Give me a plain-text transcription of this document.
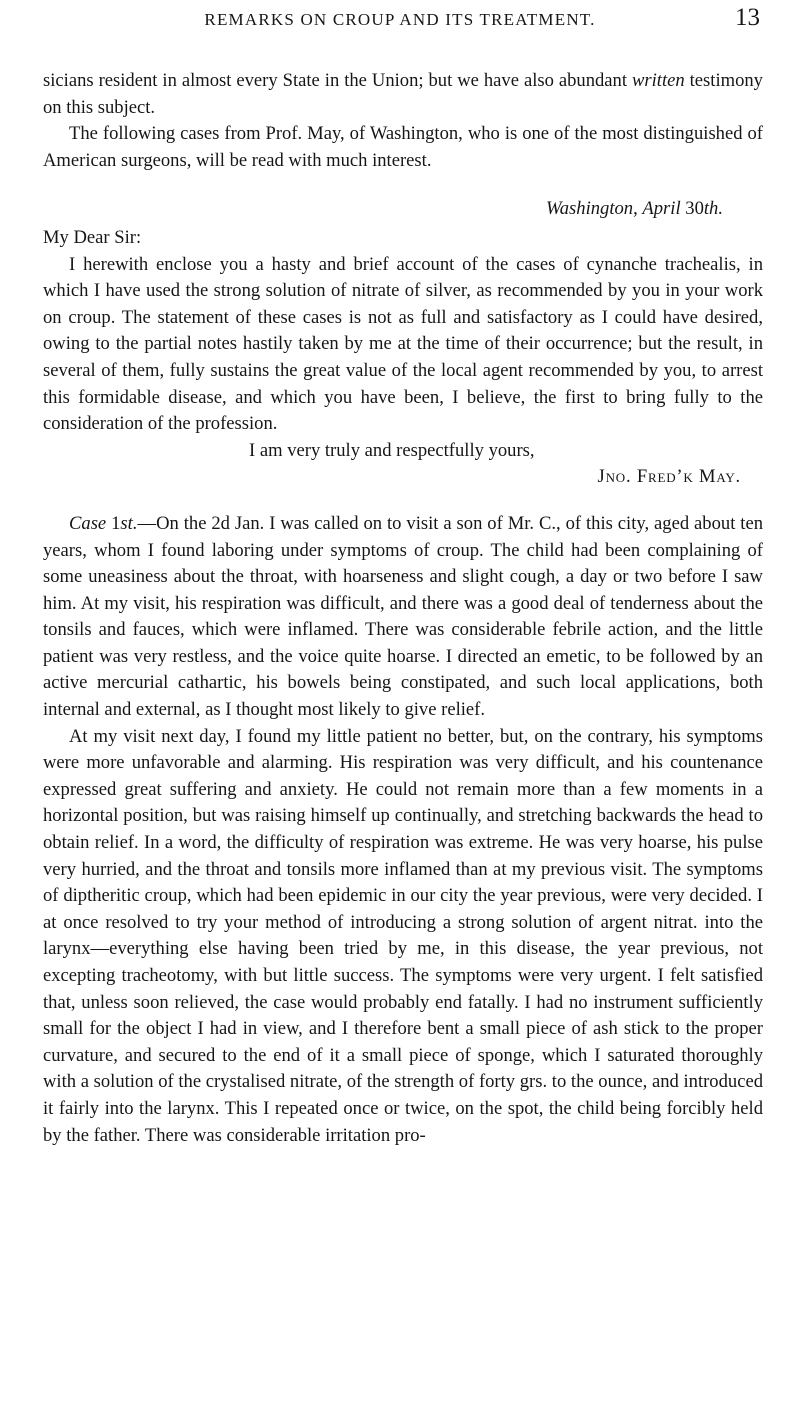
REMARKS ON CROUP AND ITS TREATMENT.	13

sicians resident in almost every State in the Union; but we have also abundant written testimony on this subject.

The following cases from Prof. May, of Washington, who is one of the most distinguished of American surgeons, will be read with much interest.

Washington, April 30th.

My Dear Sir:

I herewith enclose you a hasty and brief account of the cases of cynanche trachealis, in which I have used the strong solution of nitrate of silver, as recommended by you in your work on croup. The statement of these cases is not as full and satisfactory as I could have desired, owing to the partial notes hastily taken by me at the time of their occurrence; but the result, in several of them, fully sustains the great value of the local agent recommended by you, to arrest this formidable disease, and which you have been, I believe, the first to bring fully to the consideration of the profession.

I am very truly and respectfully yours,

Jno. Fred’k May.

Case 1st.—On the 2d Jan. I was called on to visit a son of Mr. C., of this city, aged about ten years, whom I found laboring under symptoms of croup. The child had been complaining of some uneasiness about the throat, with hoarseness and slight cough, a day or two before I saw him. At my visit, his respiration was difficult, and there was a good deal of tenderness about the tonsils and fauces, which were inflamed. There was considerable febrile action, and the little patient was very restless, and the voice quite hoarse. I directed an emetic, to be followed by an active mercurial cathartic, his bowels being constipated, and such local applications, both internal and external, as I thought most likely to give relief.

At my visit next day, I found my little patient no better, but, on the contrary, his symptoms were more unfavorable and alarming. His respiration was very difficult, and his countenance expressed great suffering and anxiety. He could not remain more than a few moments in a horizontal position, but was raising himself up continually, and stretching backwards the head to obtain relief. In a word, the difficulty of respiration was extreme. He was very hoarse, his pulse very hurried, and the throat and tonsils more inflamed than at my previous visit. The symptoms of diptheritic croup, which had been epidemic in our city the year previous, were very decided. I at once resolved to try your method of introducing a strong solution of argent nitrat. into the larynx—everything else having been tried by me, in this disease, the year previous, not excepting tracheotomy, with but little success. The symptoms were very urgent. I felt satisfied that, unless soon relieved, the case would probably end fatally. I had no instrument sufficiently small for the object I had in view, and I therefore bent a small piece of ash stick to the proper curvature, and secured to the end of it a small piece of sponge, which I saturated thoroughly with a solution of the crystalised nitrate, of the strength of forty grs. to the ounce, and introduced it fairly into the larynx. This I repeated once or twice, on the spot, the child being forcibly held by the father. There was considerable irritation pro-
